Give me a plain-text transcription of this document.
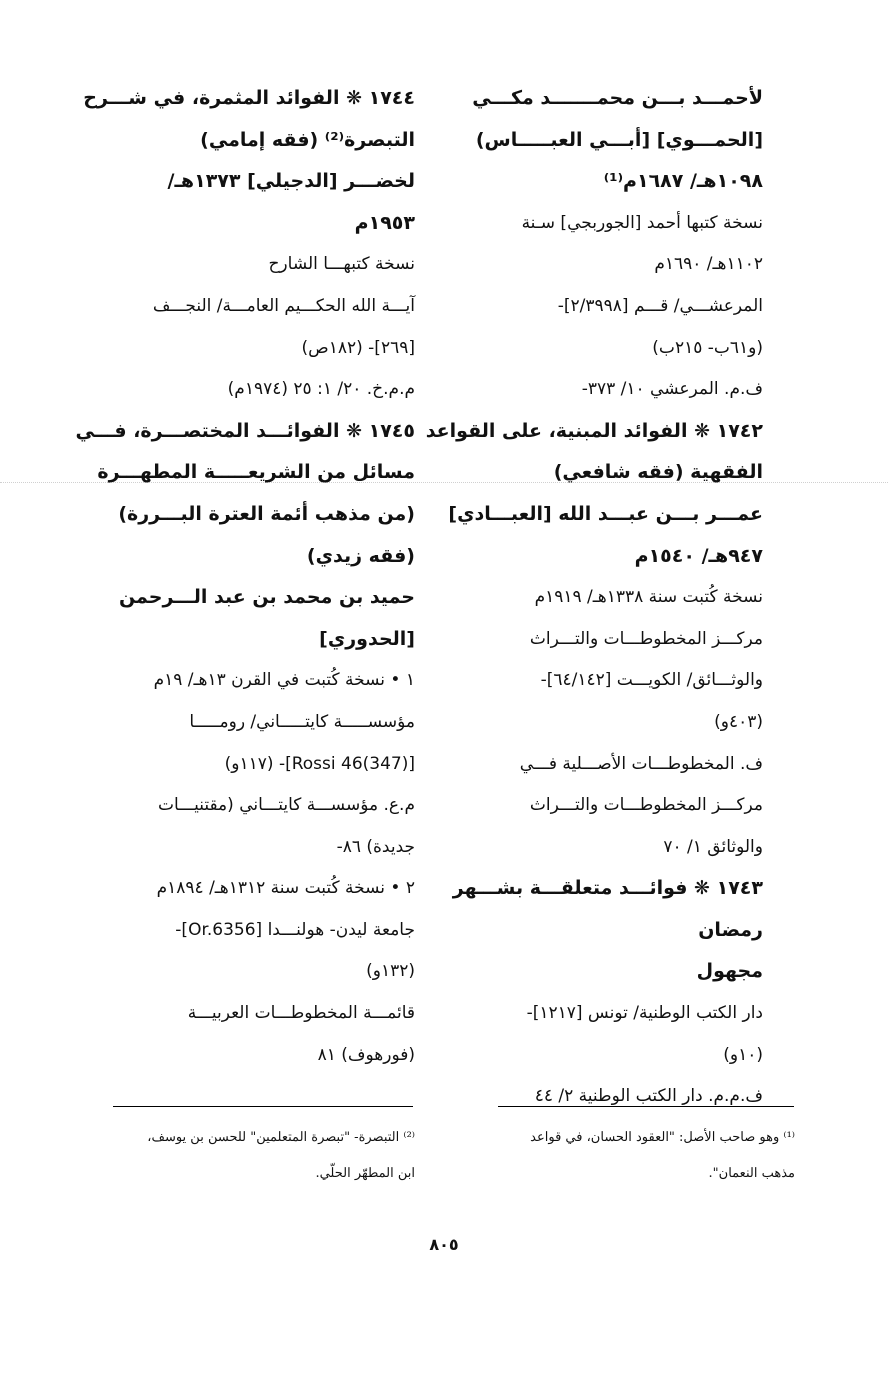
لأحمـــد بـــن محمـــــــد مكـــي
[الحمـــوي] [أبـــي العبـــــاس)
١٠٩٨هـ/ ١٦٨٧م⁽¹⁾
نسخة كتبها أحمد [الجوربجي] سـنة
١١٠٢هـ/ ١٦٩٠م
المرعشـــي/ قـــم [٢/٣٩٩٨]-
(و٦١ب- ٢١٥ب)
ف.م. المرعشي ١٠/ ٣٧٣-
١٧٤٢ ❋ الفوائد المبنية، على القواعد
الفقهية (فقه شافعي)
عمـــر بـــن عبـــد الله [العبـــادي]
٩٤٧هـ/ ١٥٤٠م
نسخة كُتبت سنة ١٣٣٨هـ/ ١٩١٩م
مركـــز المخطوطـــات والتـــراث
والوثـــائق/ الكويـــت [٦٤/١٤٢]-
(٤٠٣و)
ف. المخطوطـــات الأصـــلية فـــي
مركـــز المخطوطـــات والتـــراث
والوثائق ١/ ٧٠
١٧٤٣ ❋ فوائـــد متعلقـــة بشـــهر
رمضان
مجهول
دار الكتب الوطنية/ تونس [١٢١٧]-
(١٠و)
ف.م.م. دار الكتب الوطنية ٢/ ٤٤
١٧٤٤ ❋ الفوائد المثمرة، في شـــرح
التبصرة⁽²⁾ (فقه إمامي)
لخضـــر [الدجيلي] ١٣٧٣هـ/
١٩٥٣م
نسخة كتبهـــا الشارح
آيـــة الله الحكـــيم العامـــة/ النجـــف
[٢٦٩]- (١٨٢ص)
م.م.خ. ٢٠/ ١: ٢٥ (١٩٧٤م)
١٧٤٥ ❋ الفوائـــد المختصـــرة، فـــي
مسائل من الشريعـــــة المطهـــرة
(من مذهب أئمة العترة البـــررة)
(فقه زيدي)
حميد بن محمد بن عبد الـــرحمن
[الحدوري]
١ • نسخة كُتبت في القرن ١٣هـ/ ١٩م
مؤسســـــة كايتـــــاني/ رومـــــا
[Rossi 46(347)]- (١١٧و)
م.ع. مؤسســـة كايتـــاني (مقتنيـــات
جديدة) ٨٦-
٢ • نسخة كُتبت سنة ١٣١٢هـ/ ١٨٩٤م
جامعة ليدن- هولنـــدا [Or.6356]-
(١٣٢و)
قائمـــة المخطوطـــات العربيـــة
(فورهوف) ٨١
⁽¹⁾ وهو صاحب الأصل: "العقود الحسان، في قواعد
مذهب النعمان".
⁽²⁾ التبصرة- "تبصرة المتعلمين" للحسن بن يوسف،
ابن المطهّر الحلّي.
٨٠٥
